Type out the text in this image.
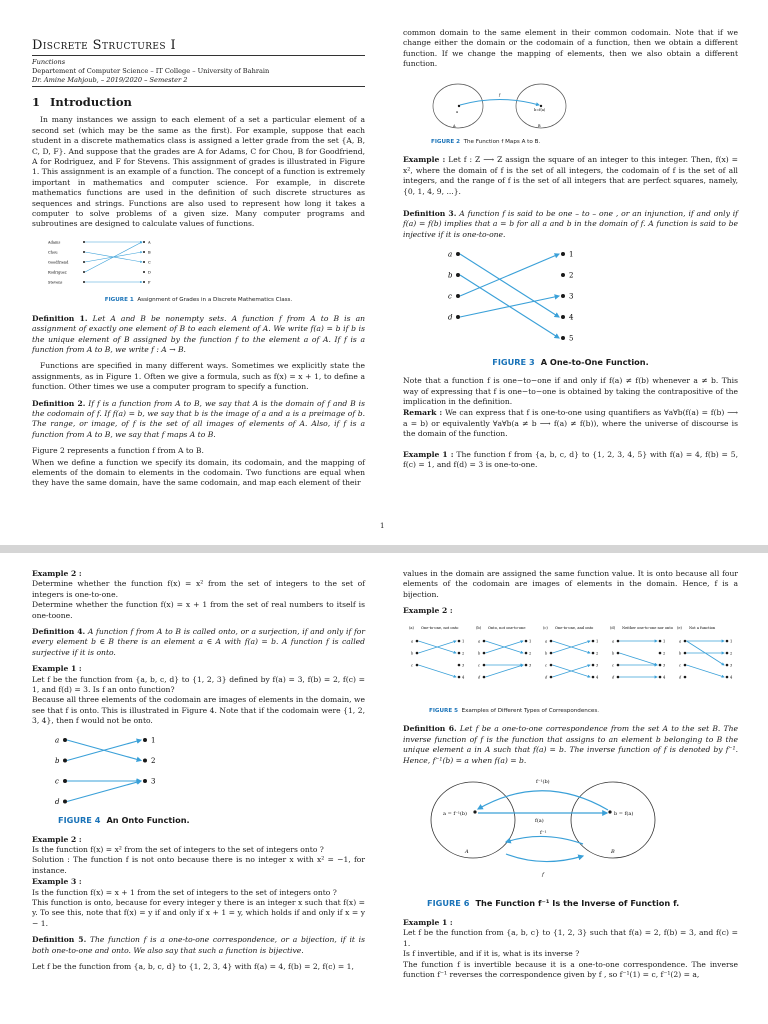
Discrete Structures I
Functions
Departement of Computer Science – IT College – University of Bahrain
Dr. Amine Mahjoub, – 2019/2020 – Semester 2
1 Introduction

In many instances we assign to each element of a set a particular element of a second set (which may be the same as the first). For example, suppose that each student in a discrete mathematics class is assigned a letter grade from the set {A, B, C, D, F}. And suppose that the grades are A for Adams, C for Chou, B for Goodfriend, A for Rodriguez, and F for Stevens. This assignment of grades is illustrated in Figure 1. This assignment is an example of a function. The concept of a function is extremely important in mathematics and computer science. For example, in discrete mathematics functions are used in the definition of such discrete structures as sequences and strings. Functions are also used to represent how long it takes a computer to solve problems of a given size. Many computer programs and subroutines are designed to calculate values of functions.

Adams
Chou
Goodfriend
Rodriguez
Stevens
A
B
C
D
F
FIGURE 1 Assignment of Grades in a Discrete Mathematics Class.

Definition 1. Let A and B be nonempty sets. A function f from A to B is an assignment of exactly one element of B to each element of A. We write f(a) = b if b is the unique element of B assigned by the function f to the element a of A. If f is a function from A to B, we write f : A → B.

Functions are specified in many different ways. Sometimes we explicitly state the assignments, as in Figure 1. Often we give a formula, such as f(x) = x + 1, to define a function. Other times we use a computer program to specify a function.

Definition 2. If f is a function from A to B, we say that A is the domain of f and B is the codomain of f. If f(a) = b, we say that b is the image of a and a is a preimage of b. The range, or image, of f is the set of all images of elements of A. Also, if f is a function from A to B, we say that f maps A to B.

Figure 2 represents a function f from A to B.

When we define a function we specify its domain, its codomain, and the mapping of elements of the domain to elements in the codomain. Two functions are equal when they have the same domain, have the same codomain, and map each element of their

common domain to the same element in their common codomain. Note that if we change either the domain or the codomain of a function, then we obtain a different function. If we change the mapping of elements, then we also obtain a different function.

a	b=f(a)
f
A	B
FIGURE 2 The Function f Maps A to B.

Example : Let f : Z ⟶ Z assign the square of an integer to this integer. Then, f(x) = x², where the domain of f is the set of all integers, the codomain of f is the set of all integers, and the range of f is the set of all integers that are perfect squares, namely, {0, 1, 4, 9, ...}.

Definition 3. A function f is said to be one – to – one , or an injunction, if and only if f(a) = f(b) implies that a = b for all a and b in the domain of f. A function is said to be injective if it is one-to-one.

a
b
c
d
1
2
3
4
5
FIGURE 3 A One-to-One Function.

Note that a function f is one−to−one if and only if f(a) ≠ f(b) whenever a ≠ b. This way of expressing that f is one−to−one is obtained by taking the contrapositive of the implication in the definition.

Remark : We can express that f is one-to-one using quantifiers as ∀a∀b(f(a) = f(b) ⟶ a = b) or equivalently ∀a∀b(a ≠ b ⟶ f(a) ≠ f(b)), where the universe of discourse is the domain of the function.

Example 1 : The function f from {a, b, c, d} to {1, 2, 3, 4, 5} with f(a) = 4, f(b) = 5, f(c) = 1, and f(d) = 3 is one-to-one.

1

Example 2 :
Determine whether the function f(x) = x² from the set of integers to the set of integers is one-to-one.
Determine whether the function f(x) = x + 1 from the set of real numbers to itself is one-toone.

Definition 4. A function f from A to B is called onto, or a surjection, if and only if for every element b ∈ B there is an element a ∈ A with f(a) = b. A function f is called surjective if it is onto.

Example 1 :
Let f be the function from {a, b, c, d} to {1, 2, 3} defined by f(a) = 3, f(b) = 2, f(c) = 1, and f(d) = 3. Is f an onto function?
Because all three elements of the codomain are images of elements in the domain, we see that f is onto. This is illustrated in Figure 4. Note that if the codomain were {1, 2, 3, 4}, then f would not be onto.

a
b
c
d
1
2
3
FIGURE 4 An Onto Function.

Example 2 :
Is the function f(x) = x² from the set of integers to the set of integers onto ?
Solution : The function f is not onto because there is no integer x with x² = −1, for instance.

Example 3 :
Is the function f(x) = x + 1 from the set of integers to the set of integers onto ?
This function is onto, because for every integer y there is an integer x such that f(x) = y. To see this, note that f(x) = y if and only if x + 1 = y, which holds if and only if x = y − 1.

Definition 5. The function f is a one-to-one correspondence, or a bijection, if it is both one-to-one and onto. We also say that such a function is bijective.

Let f be the function from {a, b, c, d} to {1, 2, 3, 4} with f(a) = 4, f(b) = 2, f(c) = 1,

values in the domain are assigned the same function value. It is onto because all four elements of the codomain are images of elements in the domain. Hence, f is a bijection.

Example 2 :

(a) One-to-one, not onto
a
b
c
1
2
3
4
(b) Onto, not one-to-one
a
b
c
d
1
2
3
(c) One-to-one, and onto
a
b
c
d
1
2
3
4
(d) Neither one-to-one nor onto
a
b
c
d
1
2
3
4
(e) Not a function
a
b
c
d
1
2
3
4
FIGURE 5 Examples of Different Types of Correspondences.

Definition 6. Let f be a one-to-one correspondence from the set A to the set B. The inverse function of f is the function that assigns to an element b belonging to B the unique element a in A such that f(a) = b. The inverse function of f is denoted by f⁻¹. Hence, f⁻¹(b) = a when f(a) = b.

f⁻¹(b)
a = f⁻¹(b)	b = f(a)
f(a)
f⁻¹
f
A	B
FIGURE 6 The Function f⁻¹ Is the Inverse of Function f.

Example 1 :
Let f be the function from {a, b, c} to {1, 2, 3} such that f(a) = 2, f(b) = 3, and f(c) = 1.
Is f invertible, and if it is, what is its inverse ?
The function f is invertible because it is a one-to-one correspondence. The inverse function f⁻¹ reverses the correspondence given by f , so f⁻¹(1) = c, f⁻¹(2) = a,
